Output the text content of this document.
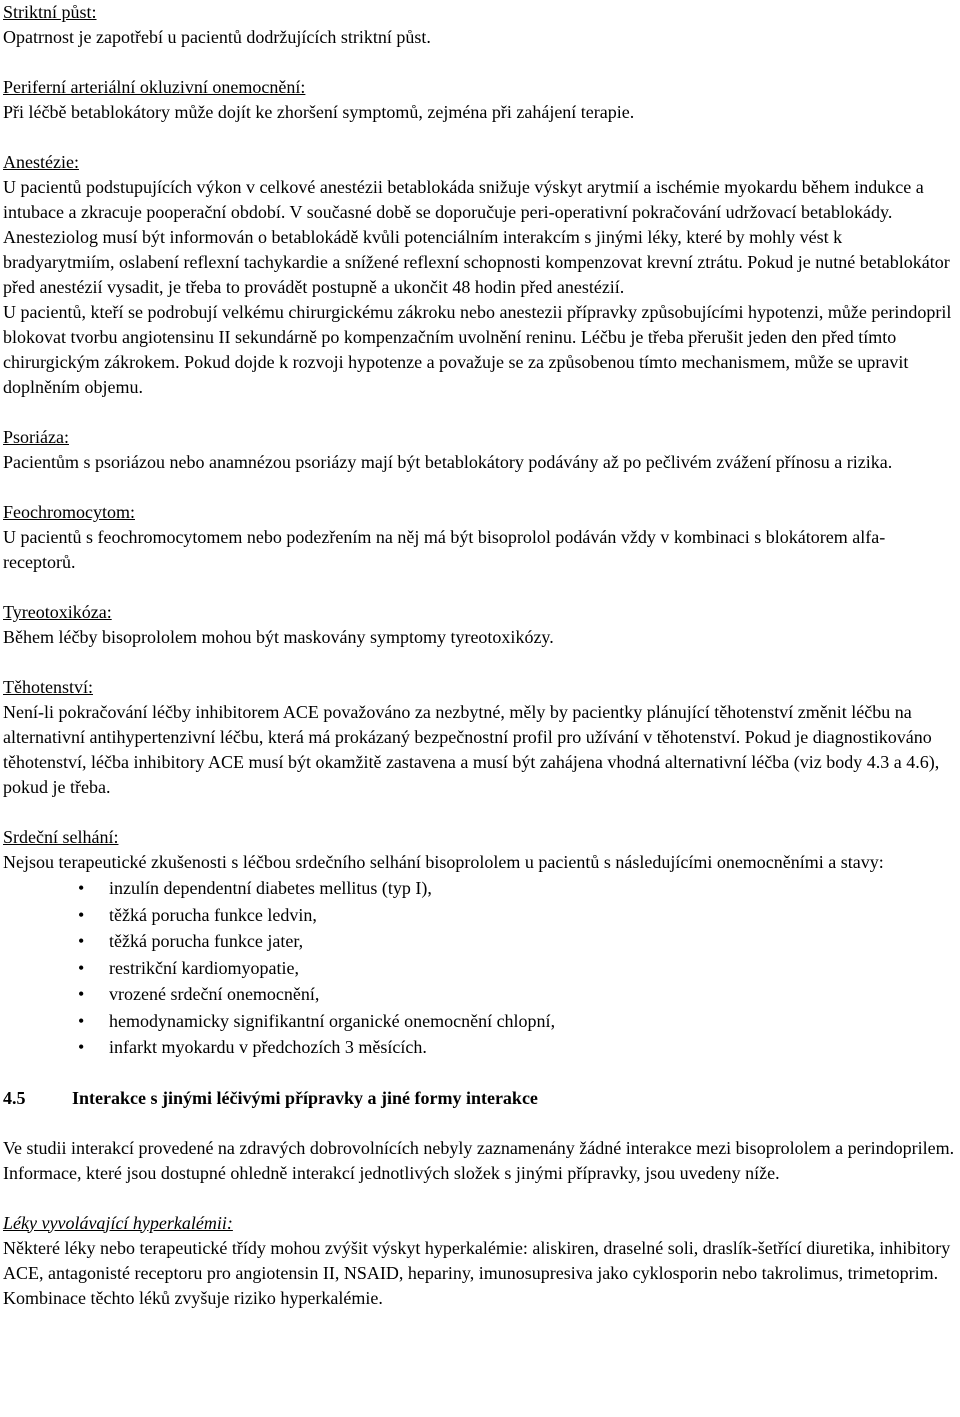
Striktní půst:

Opatrnost je zapotřebí u pacientů dodržujících striktní půst.

Periferní arteriální okluzivní onemocnění:

Při léčbě betablokátory může dojít ke zhoršení symptomů, zejména při zahájení terapie.

Anestézie:

U pacientů podstupujících výkon v celkové anestézii betablokáda snižuje výskyt arytmií a ischémie myokardu během indukce a intubace a zkracuje pooperační období. V současné době se doporučuje peri-operativní pokračování udržovací betablokády. Anesteziolog musí být informován o betablokádě kvůli potenciálním interakcím s jinými léky, které by mohly vést k bradyarytmiím, oslabení reflexní tachykardie a snížené reflexní schopnosti kompenzovat krevní ztrátu. Pokud je nutné betablokátor před anestézií vysadit, je třeba to provádět postupně a ukončit 48 hodin před anestézií.

U pacientů, kteří se podrobují velkému chirurgickému zákroku nebo anestezii přípravky způsobujícími hypotenzi, může perindopril blokovat tvorbu angiotensinu II sekundárně po kompenzačním uvolnění reninu. Léčbu je třeba přerušit jeden den před tímto chirurgickým zákrokem. Pokud dojde k rozvoji hypotenze a považuje se za způsobenou tímto mechanismem, může se upravit doplněním objemu.

Psoriáza:

Pacientům s psoriázou nebo anamnézou psoriázy mají být betablokátory podávány až po pečlivém zvážení přínosu a rizika.

Feochromocytom:

U pacientů s feochromocytomem nebo podezřením na něj má být bisoprolol podáván vždy v kombinaci s blokátorem alfa-receptorů.

Tyreotoxikóza:

Během léčby bisoprololem mohou být maskovány symptomy tyreotoxikózy.

Těhotenství:

Není-li pokračování léčby inhibitorem ACE považováno za nezbytné, měly by pacientky plánující těhotenství změnit léčbu na alternativní antihypertenzivní léčbu, která má prokázaný bezpečnostní profil pro užívání v těhotenství. Pokud je diagnostikováno těhotenství, léčba inhibitory ACE musí být okamžitě zastavena a musí být zahájena vhodná alternativní léčba (viz body 4.3 a 4.6), pokud je třeba.

Srdeční selhání:

Nejsou terapeutické zkušenosti s léčbou srdečního selhání bisoprololem u pacientů s následujícími onemocněními a stavy:

• inzulín dependentní diabetes mellitus (typ I),
• těžká porucha funkce ledvin,
• těžká porucha funkce jater,
• restrikční kardiomyopatie,
• vrozené srdeční onemocnění,
• hemodynamicky signifikantní organické onemocnění chlopní,
• infarkt myokardu v předchozích 3 měsících.
4.5	Interakce s jinými léčivými přípravky a jiné formy interakce

Ve studii interakcí provedené na zdravých dobrovolnících nebyly zaznamenány žádné interakce mezi bisoprololem a perindoprilem. Informace, které jsou dostupné ohledně interakcí jednotlivých složek s jinými přípravky, jsou uvedeny níže.

Léky vyvolávající hyperkalémii:

Některé léky nebo terapeutické třídy mohou zvýšit výskyt hyperkalémie: aliskiren, draselné soli, draslík-šetřící diuretika, inhibitory ACE, antagonisté receptoru pro angiotensin II, NSAID, hepariny, imunosupresiva jako cyklosporin nebo takrolimus, trimetoprim. Kombinace těchto léků zvyšuje riziko hyperkalémie.
